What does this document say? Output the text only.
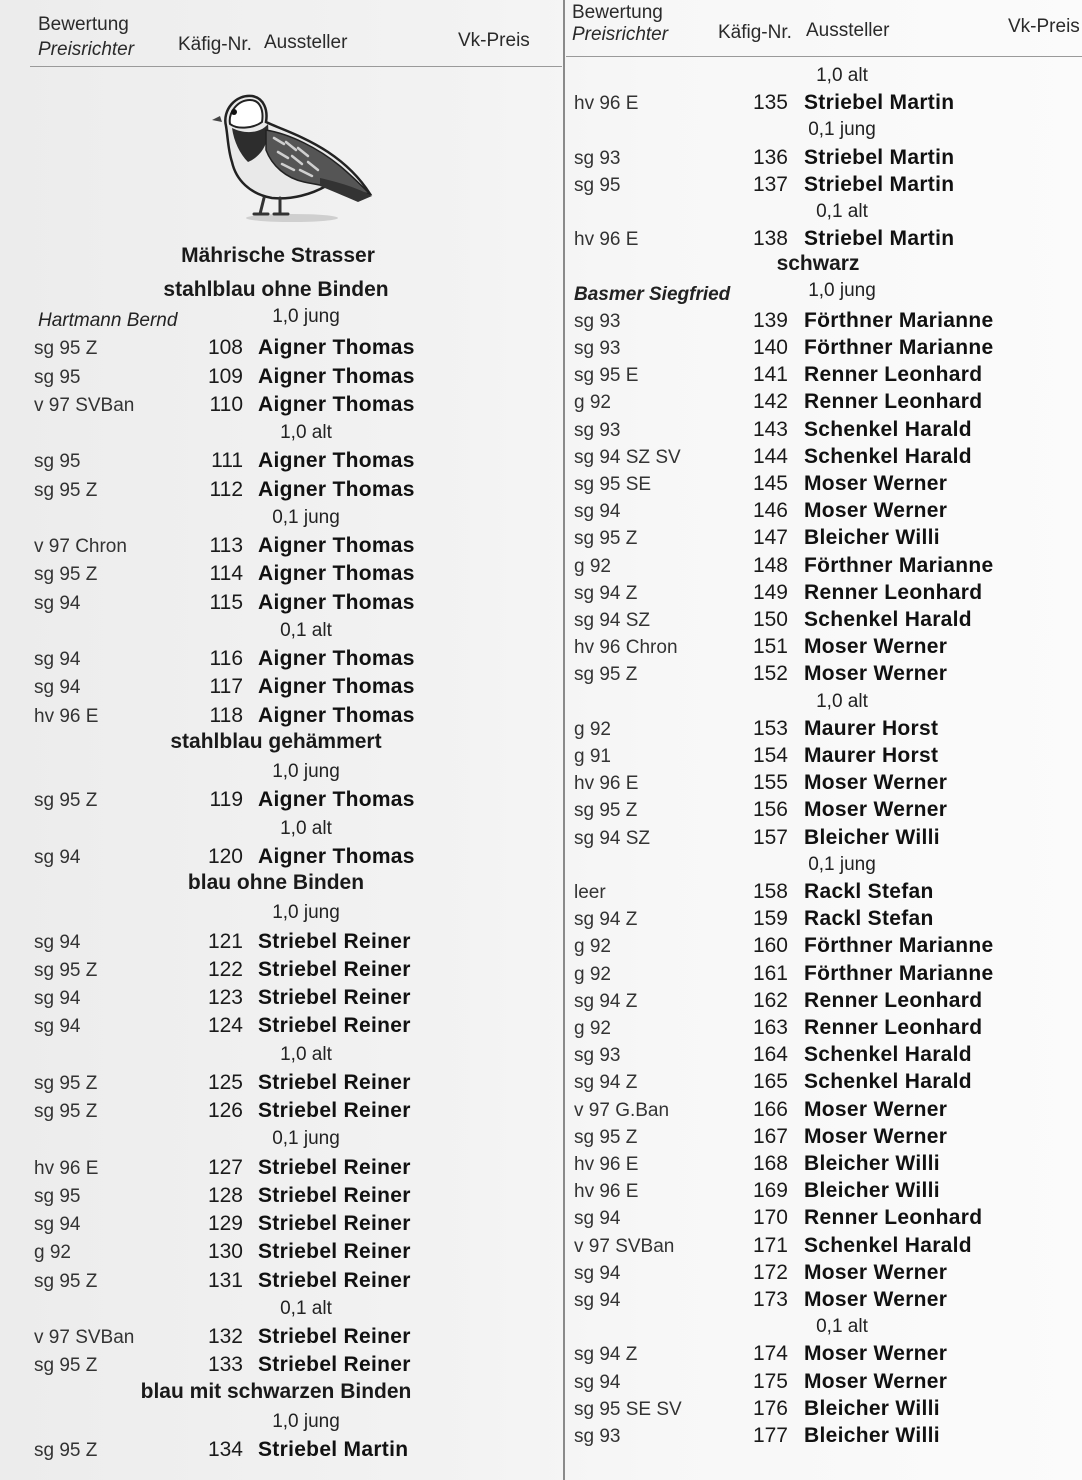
Bewertung
Preisrichter Käfig-Nr. Aussteller	Vk-Preis
Mährische Strasser
stahlblau ohne Binden
Hartmann Bernd	1,0 jung
sg 95 Z	108 Aigner Thomas
sg 95	109 Aigner Thomas
v 97 SVBan	110 Aigner Thomas
1,0 alt
sg 95	111 Aigner Thomas
sg 95 Z	112 Aigner Thomas
0,1 jung
v 97 Chron	113 Aigner Thomas
sg 95 Z	114 Aigner Thomas
sg 94	115 Aigner Thomas
0,1 alt
sg 94	116 Aigner Thomas
sg 94	117 Aigner Thomas
hv 96 E	118 Aigner Thomas
stahlblau gehämmert
1,0 jung
sg 95 Z	119 Aigner Thomas
1,0 alt
sg 94	120 Aigner Thomas
blau ohne Binden
1,0 jung
sg 94	121 Striebel Reiner
sg 95 Z	122 Striebel Reiner
sg 94	123 Striebel Reiner
sg 94	124 Striebel Reiner
1,0 alt
sg 95 Z	125 Striebel Reiner
sg 95 Z	126 Striebel Reiner
0,1 jung
hv 96 E	127 Striebel Reiner
sg 95	128 Striebel Reiner
sg 94	129 Striebel Reiner
g 92	130 Striebel Reiner
sg 95 Z	131 Striebel Reiner
0,1 alt
v 97 SVBan	132 Striebel Reiner
sg 95 Z	133 Striebel Reiner
blau mit schwarzen Binden
1,0 jung
sg 95 Z	134 Striebel Martin
Bewertung
Preisrichter	Käfig-Nr. Aussteller	Vk-Preis
1,0 alt
hv 96 E	135 Striebel Martin
0,1 jung
sg 93	136 Striebel Martin
sg 95	137 Striebel Martin
0,1 alt
hv 96 E	138 Striebel Martin
schwarz
Basmer Siegfried	1,0 jung
sg 93	139 Förthner Marianne
sg 93	140 Förthner Marianne
sg 95 E	141 Renner Leonhard
g 92	142 Renner Leonhard
sg 93	143 Schenkel Harald
sg 94 SZ SV	144 Schenkel Harald
sg 95 SE	145 Moser Werner
sg 94	146 Moser Werner
sg 95 Z	147 Bleicher Willi
g 92	148 Förthner Marianne
sg 94 Z	149 Renner Leonhard
sg 94 SZ	150 Schenkel Harald
hv 96 Chron	151 Moser Werner
sg 95 Z	152 Moser Werner
1,0 alt
g 92	153 Maurer Horst
g 91	154 Maurer Horst
hv 96 E	155 Moser Werner
sg 95 Z	156 Moser Werner
sg 94 SZ	157 Bleicher Willi
0,1 jung
leer	158 Rackl Stefan
sg 94 Z	159 Rackl Stefan
g 92	160 Förthner Marianne
g 92	161 Förthner Marianne
sg 94 Z	162 Renner Leonhard
g 92	163 Renner Leonhard
sg 93	164 Schenkel Harald
sg 94 Z	165 Schenkel Harald
v 97 G.Ban	166 Moser Werner
sg 95 Z	167 Moser Werner
hv 96 E	168 Bleicher Willi
hv 96 E	169 Bleicher Willi
sg 94	170 Renner Leonhard
v 97 SVBan	171 Schenkel Harald
sg 94	172 Moser Werner
sg 94	173 Moser Werner
0,1 alt
sg 94 Z	174 Moser Werner
sg 94	175 Moser Werner
sg 95 SE SV	176 Bleicher Willi
sg 93	177 Bleicher Willi
